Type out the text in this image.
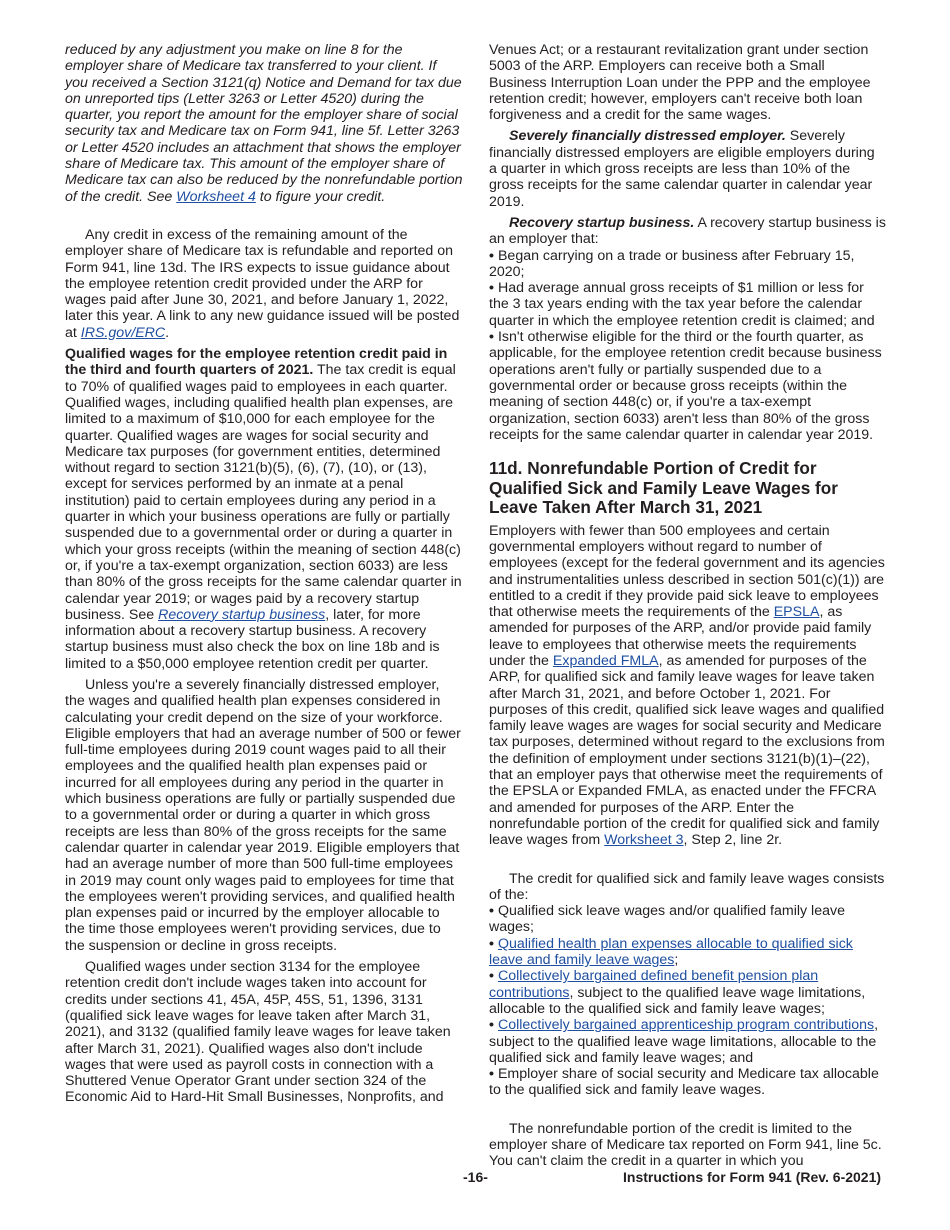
reduced by any adjustment you make on line 8 for the employer share of Medicare tax transferred to your client. If you received a Section 3121(q) Notice and Demand for tax due on unreported tips (Letter 3263 or Letter 4520) during the quarter, you report the amount for the employer share of social security tax and Medicare tax on Form 941, line 5f. Letter 3263 or Letter 4520 includes an attachment that shows the employer share of Medicare tax. This amount of the employer share of Medicare tax can also be reduced by the nonrefundable portion of the credit. See Worksheet 4 to figure your credit.

Any credit in excess of the remaining amount of the employer share of Medicare tax is refundable and reported on Form 941, line 13d. The IRS expects to issue guidance about the employee retention credit provided under the ARP for wages paid after June 30, 2021, and before January 1, 2022, later this year. A link to any new guidance issued will be posted at IRS.gov/ERC.

Qualified wages for the employee retention credit paid in the third and fourth quarters of 2021. The tax credit is equal to 70% of qualified wages paid to employees in each quarter. Qualified wages, including qualified health plan expenses, are limited to a maximum of $10,000 for each employee for the quarter. Qualified wages are wages for social security and Medicare tax purposes (for government entities, determined without regard to section 3121(b)(5), (6), (7), (10), or (13), except for services performed by an inmate at a penal institution) paid to certain employees during any period in a quarter in which your business operations are fully or partially suspended due to a governmental order or during a quarter in which your gross receipts (within the meaning of section 448(c) or, if you're a tax-exempt organization, section 6033) are less than 80% of the gross receipts for the same calendar quarter in calendar year 2019; or wages paid by a recovery startup business. See Recovery startup business, later, for more information about a recovery startup business. A recovery startup business must also check the box on line 18b and is limited to a $50,000 employee retention credit per quarter.

Unless you're a severely financially distressed employer, the wages and qualified health plan expenses considered in calculating your credit depend on the size of your workforce. Eligible employers that had an average number of 500 or fewer full-time employees during 2019 count wages paid to all their employees and the qualified health plan expenses paid or incurred for all employees during any period in the quarter in which business operations are fully or partially suspended due to a governmental order or during a quarter in which gross receipts are less than 80% of the gross receipts for the same calendar quarter in calendar year 2019. Eligible employers that had an average number of more than 500 full-time employees in 2019 may count only wages paid to employees for time that the employees weren't providing services, and qualified health plan expenses paid or incurred by the employer allocable to the time those employees weren't providing services, due to the suspension or decline in gross receipts.

Qualified wages under section 3134 for the employee retention credit don't include wages taken into account for credits under sections 41, 45A, 45P, 45S, 51, 1396, 3131 (qualified sick leave wages for leave taken after March 31, 2021), and 3132 (qualified family leave wages for leave taken after March 31, 2021). Qualified wages also don't include wages that were used as payroll costs in connection with a Shuttered Venue Operator Grant under section 324 of the Economic Aid to Hard-Hit Small Businesses, Nonprofits, and

Venues Act; or a restaurant revitalization grant under section 5003 of the ARP. Employers can receive both a Small Business Interruption Loan under the PPP and the employee retention credit; however, employers can't receive both loan forgiveness and a credit for the same wages.

Severely financially distressed employer. Severely financially distressed employers are eligible employers during a quarter in which gross receipts are less than 10% of the gross receipts for the same calendar quarter in calendar year 2019.

Recovery startup business. A recovery startup business is an employer that:

• Began carrying on a trade or business after February 15, 2020;
• Had average annual gross receipts of $1 million or less for the 3 tax years ending with the tax year before the calendar quarter in which the employee retention credit is claimed; and
• Isn't otherwise eligible for the third or the fourth quarter, as applicable, for the employee retention credit because business operations aren't fully or partially suspended due to a governmental order or because gross receipts (within the meaning of section 448(c) or, if you're a tax-exempt organization, section 6033) aren't less than 80% of the gross receipts for the same calendar quarter in calendar year 2019.
11d. Nonrefundable Portion of Credit for Qualified Sick and Family Leave Wages for Leave Taken After March 31, 2021

Employers with fewer than 500 employees and certain governmental employers without regard to number of employees (except for the federal government and its agencies and instrumentalities unless described in section 501(c)(1)) are entitled to a credit if they provide paid sick leave to employees that otherwise meets the requirements of the EPSLA, as amended for purposes of the ARP, and/or provide paid family leave to employees that otherwise meets the requirements under the Expanded FMLA, as amended for purposes of the ARP, for qualified sick and family leave wages for leave taken after March 31, 2021, and before October 1, 2021. For purposes of this credit, qualified sick leave wages and qualified family leave wages are wages for social security and Medicare tax purposes, determined without regard to the exclusions from the definition of employment under sections 3121(b)(1)–(22), that an employer pays that otherwise meet the requirements of the EPSLA or Expanded FMLA, as enacted under the FFCRA and amended for purposes of the ARP. Enter the nonrefundable portion of the credit for qualified sick and family leave wages from Worksheet 3, Step 2, line 2r.

The credit for qualified sick and family leave wages consists of the:

• Qualified sick leave wages and/or qualified family leave wages;
• Qualified health plan expenses allocable to qualified sick leave and family leave wages;
• Collectively bargained defined benefit pension plan contributions, subject to the qualified leave wage limitations, allocable to the qualified sick and family leave wages;
• Collectively bargained apprenticeship program contributions, subject to the qualified leave wage limitations, allocable to the qualified sick and family leave wages; and
• Employer share of social security and Medicare tax allocable to the qualified sick and family leave wages.

The nonrefundable portion of the credit is limited to the employer share of Medicare tax reported on Form 941, line 5c. You can't claim the credit in a quarter in which you

-16-	Instructions for Form 941 (Rev. 6-2021)
